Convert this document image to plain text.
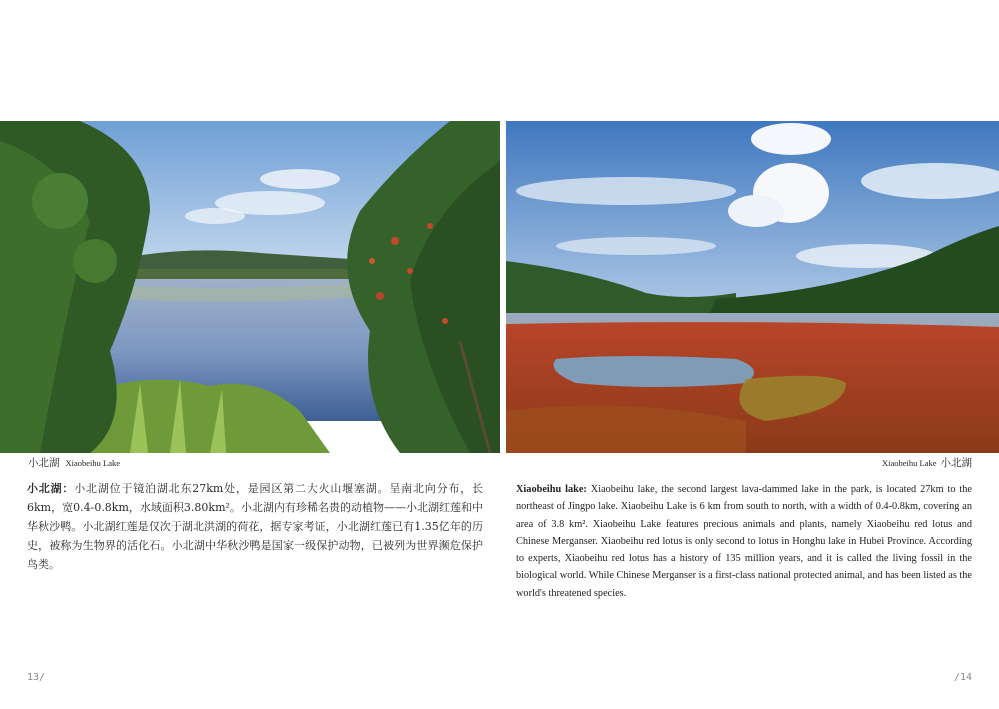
小北湖 Xiaobeihu Lake	Xiaobeihu Lake 小北湖

小北湖：小北湖位于镜泊湖北东27km处，是园区第二大火山堰塞湖。呈南北向分布，长6km，宽0.4-0.8km，水域面积3.80km²。小北湖内有珍稀名贵的动植物——小北湖红莲和中华秋沙鸭。小北湖红莲是仅次于湖北洪湖的荷花，据专家考证，小北湖红莲已有1.35亿年的历史，被称为生物界的活化石。小北湖中华秋沙鸭是国家一级保护动物，已被列为世界濒危保护鸟类。

Xiaobeihu lake: Xiaobeihu lake, the second largest lava-dammed lake in the park, is located 27km to the northeast of Jingpo lake. Xiaobeihu Lake is 6 km from south to north, with a width of 0.4-0.8km, covering an area of 3.8 km². Xiaobeihu Lake features precious animals and plants, namely Xiaobeihu red lotus and Chinese Merganser. Xiaobeihu red lotus is only second to lotus in Honghu lake in Hubei Province. According to experts, Xiaobeihu red lotus has a history of 135 million years, and it is called the living fossil in the biological world. While Chinese Merganser is a first-class national protected animal, and has been listed as the world's threatened species.

13/	/14
